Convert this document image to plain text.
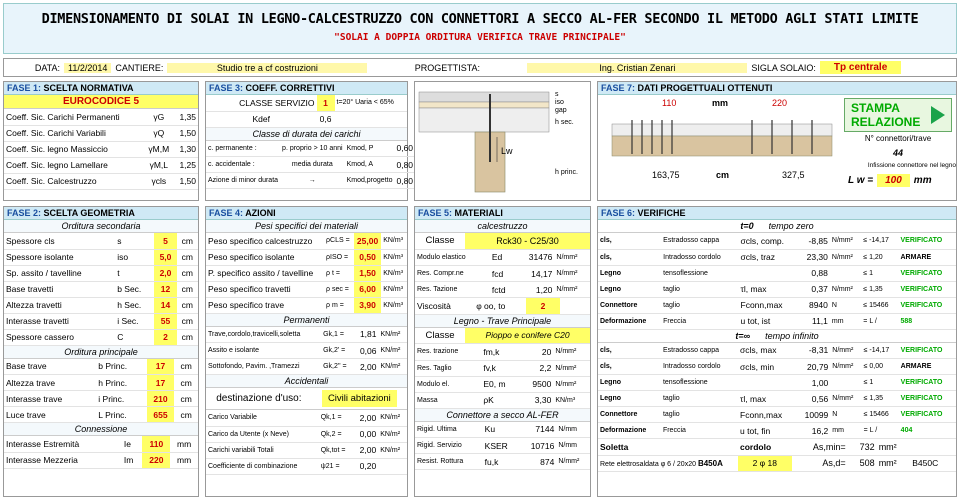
DIMENSIONAMENTO DI SOLAI IN LEGNO-CALCESTRUZZO CON CONNETTORI A SECCO AL-FER SECONDO IL METODO AGLI STATI LIMITE
"SOLAI A DOPPIA ORDITURA VERIFICA TRAVE PRINCIPALE"
DATA: 11/2/2014 CANTIERE:	Studio tre a cf costruzioni	PROGETTISTA:	Ing. Cristian Zenari	SIGLA SOLAIO:	Tp centrale
FASE 1: SCELTA NORMATIVA
EUROCODICE 5
Coeff. Sic. Carichi Permanenti	γG	1,35
Coeff. Sic. Carichi Variabili	γQ	1,50
Coeff. Sic. legno Massiccio	γM,M	1,30
Coeff. Sic. legno Lamellare	γM,L	1,25
Coeff. Sic. Calcestruzzo	γcls	1,50
FASE 3: COEFF. CORRETTIVI
CLASSE SERVIZIO	1	t=20° Uaria < 65%
Kdef	0,6	
Classe di durata dei carichi
c. permanente :	p. proprio > 10 anni	Kmod, P	0,60
c. accidentale :	media durata	Kmod, A	0,80
Azione di minor durata	→	Kmod,progetto	0,80
s
iso
gap
h sec.
Lw
h princ.
FASE 7: DATI PROGETTUALI OTTENUTI
110	mm	220
163,75	cm	327,5
STAMPA RELAZIONE
N° connettori/trave
44
Infissione connettore nel legno
L w =	100	mm
FASE 2: SCELTA GEOMETRIA
Orditura secondaria
Spessore cls	s	5	cm
Spessore isolante	iso	5,0	cm
Sp. assito / tavelline	t	2,0	cm
Base travetti	b Sec.	12	cm
Altezza travetti	h Sec.	14	cm
Interasse travetti	i Sec.	55	cm
Spessore cassero	C	2	cm
Orditura principale
Base trave	b Princ.	17	cm
Altezza trave	h Princ.	17	cm
Interasse trave	i Princ.	210	cm
Luce trave	L Princ.	655	cm
Connessione
Interasse Estremità	Ie	110	mm
Interasse Mezzeria	Im	220	mm
FASE 4: AZIONI
Pesi specifici dei materiali
Peso specifico calcestruzzo	ρCLS =	25,00	KN/m³
Peso specifico isolante	ρISO =	0,50	KN/m³
P. specifico assito / tavelline	ρ t =	1,50	KN/m³
Peso specifico travetti	ρ sec =	6,00	KN/m³
Peso specifico trave	ρ m =	3,90	KN/m³
Permanenti
Trave,cordolo,travicelli,soletta	Gk,1 =	1,81	KN/m²
Assito e isolante	Gk,2' =	0,06	KN/m²
Sottofondo, Pavim. ,Tramezzi	Gk,2'' =	2,00	KN/m²
Accidentali
destinazione d'uso:	Civili abitazioni
Carico Variabile	Qk,1 =	2,00	KN/m²
Carico da Utente (x Neve)	Qk,2 =	0,00	KN/m²
Carichi variabili Totali	Qk,tot =	2,00	KN/m²
Coefficiente di combinazione	ψ21 =	0,20	
FASE 5: MATERIALI
calcestruzzo
Classe	Rck30 - C25/30
Modulo elastico	Ed	31476	N/mm²
Res. Compr.ne	fcd	14,17	N/mm²
Res. Tazione	fctd	1,20	N/mm²
Viscosità	φ oo, to	2	
Legno - Trave Principale
Classe	Pioppo e conifere C20
Res. trazione	fm,k	20	N/mm²
Res. Taglio	fv,k	2,2	N/mm²
Modulo el.	E0, m	9500	N/mm²
Massa	ρK	3,30	KN/m³
Connettore a secco AL-FER
Rigid. Ultima	Ku	7144	N/mm
Rigid. Servizio	KSER	10716	N/mm
Resist. Rottura	fu,k	874	N/mm²
FASE 6: VERIFICHE
t=0 tempo zero
cls,	Estradosso cappa	σcls, comp.	-8,85	N/mm²	≤ -14,17	VERIFICATO
cls,	Intradosso cordolo	σcls, traz	23,30	N/mm²	≤ 1,20	ARMARE
Legno	tensoflessione		0,88		≤ 1	VERIFICATO
Legno	taglio	τl, max	0,37	N/mm²	≤ 1,35	VERIFICATO
Connettore	taglio	Fconn,max	8940	N	≤ 15466	VERIFICATO
Deformazione	Freccia	u tot, ist	11,1	mm	= L /	588
t=∞ tempo infinito
cls,	Estradosso cappa	σcls, max	-8,31	N/mm²	≤ -14,17	VERIFICATO
cls,	Intradosso cordolo	σcls, min	20,79	N/mm²	≤ 0,00	ARMARE
Legno	tensoflessione		1,00		≤ 1	VERIFICATO
Legno	taglio	τl, max	0,56	N/mm²	≤ 1,35	VERIFICATO
Connettore	taglio	Fconn,max	10099	N	≤ 15466	VERIFICATO
Deformazione	Freccia	u tot, fin	16,2	mm	= L /	404
Soletta	cordolo	As,min=	732	mm²	
Rete elettrosaldata φ 6 / 20x20 B450A	2 φ 18	As,d=	508	mm²	B450C
